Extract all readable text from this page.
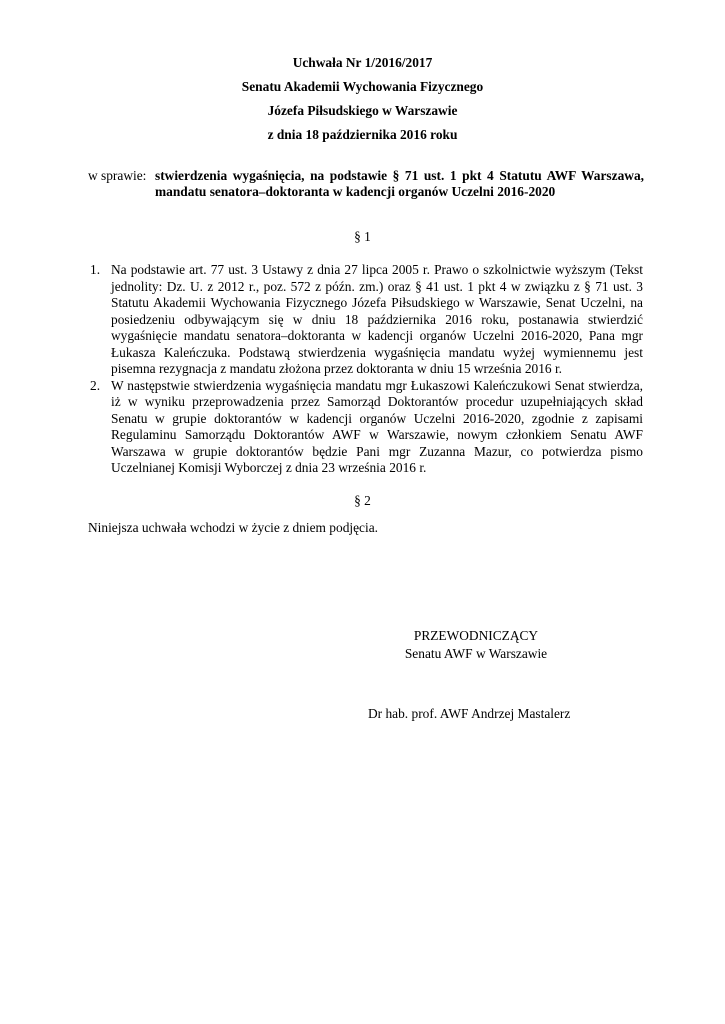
Uchwała Nr 1/2016/2017
Senatu Akademii Wychowania Fizycznego
Józefa Piłsudskiego w Warszawie
z dnia 18 października 2016 roku
w sprawie: stwierdzenia wygaśnięcia, na podstawie § 71 ust. 1 pkt 4 Statutu AWF Warszawa, mandatu senatora–doktoranta w kadencji organów Uczelni 2016-2020
§ 1
1. Na podstawie art. 77 ust. 3 Ustawy z dnia 27 lipca 2005 r. Prawo o szkolnictwie wyższym (Tekst jednolity: Dz. U. z 2012 r., poz. 572 z późn. zm.) oraz § 41 ust. 1 pkt 4 w związku z § 71 ust. 3 Statutu Akademii Wychowania Fizycznego Józefa Piłsudskiego w Warszawie, Senat Uczelni, na posiedzeniu odbywającym się w dniu 18 października 2016 roku, postanawia stwierdzić wygaśnięcie mandatu senatora–doktoranta w kadencji organów Uczelni 2016-2020, Pana mgr Łukasza Kaleńczuka. Podstawą stwierdzenia wygaśnięcia mandatu wyżej wymiennemu jest pisemna rezygnacja z mandatu złożona przez doktoranta w dniu 15 września 2016 r.
2. W następstwie stwierdzenia wygaśnięcia mandatu mgr Łukaszowi Kaleńczukowi Senat stwierdza, iż w wyniku przeprowadzenia przez Samorząd Doktorantów procedur uzupełniających skład Senatu w grupie doktorantów w kadencji organów Uczelni 2016-2020, zgodnie z zapisami Regulaminu Samorządu Doktorantów AWF w Warszawie, nowym członkiem Senatu AWF Warszawa w grupie doktorantów będzie Pani mgr Zuzanna Mazur, co potwierdza pismo Uczelnianej Komisji Wyborczej z dnia 23 września 2016 r.
§ 2
Niniejsza uchwała wchodzi w życie z dniem podjęcia.
PRZEWODNICZĄCY
Senatu AWF w Warszawie
Dr hab. prof. AWF Andrzej Mastalerz
